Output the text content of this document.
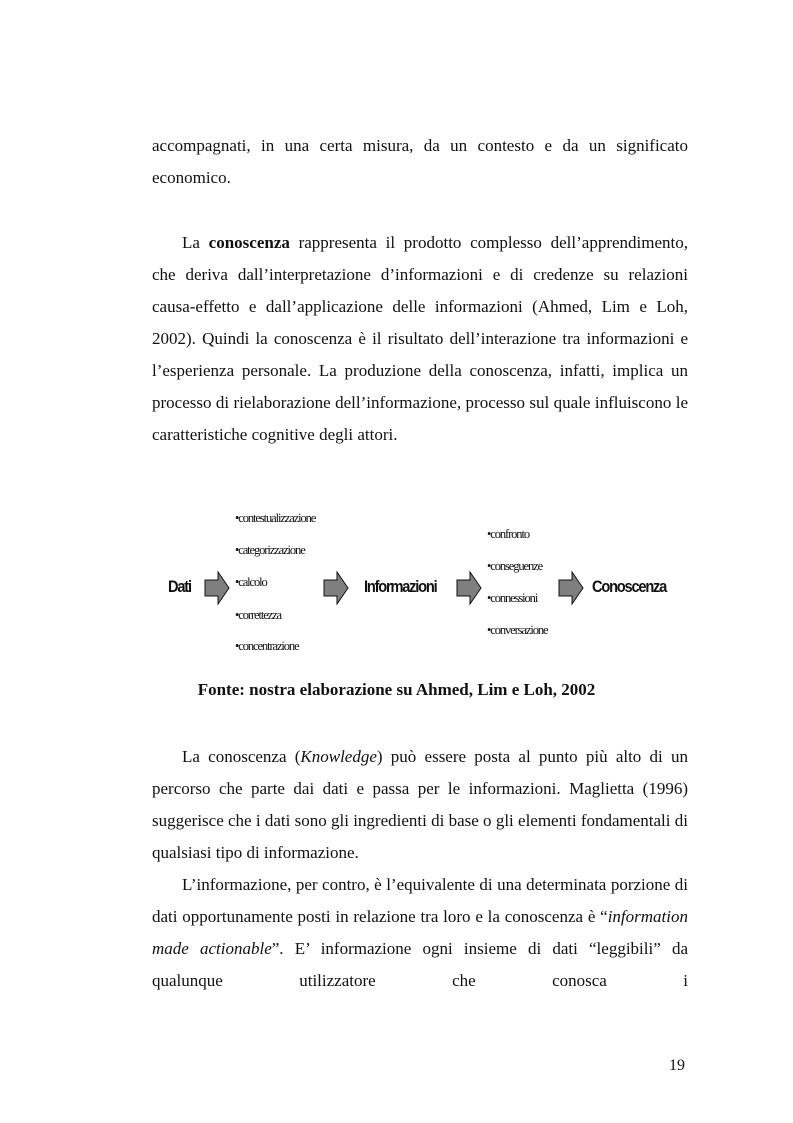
accompagnati, in una certa misura, da un contesto e da un significato economico.

La conoscenza rappresenta il prodotto complesso dell’apprendimento, che deriva dall’interpretazione d’informazioni e di credenze su relazioni causa-effetto e dall’applicazione delle informazioni (Ahmed, Lim e Loh, 2002). Quindi la conoscenza è il risultato dell’interazione tra informazioni e l’esperienza personale. La produzione della conoscenza, infatti, implica un processo di rielaborazione dell’informazione, processo sul quale influiscono le caratteristiche cognitive degli attori.

Dati
•contestualizzazione
•categorizzazione
•calcolo
•correttezza
•concentrazione
Informazioni
•confronto
•conseguenze
•connessioni
•conversazione
Conoscenza
Fonte: nostra elaborazione su Ahmed, Lim e Loh, 2002

La conoscenza (Knowledge) può essere posta al punto più alto di un percorso che parte dai dati e passa per le informazioni. Maglietta (1996) suggerisce che i dati sono gli ingredienti di base o gli elementi fondamentali di qualsiasi tipo di informazione.

L’informazione, per contro, è l’equivalente di una determinata porzione di dati opportunamente posti in relazione tra loro e la conoscenza è “information made actionable”. E’ informazione ogni insieme di dati “leggibili” da qualunque utilizzatore che conosca i

19
